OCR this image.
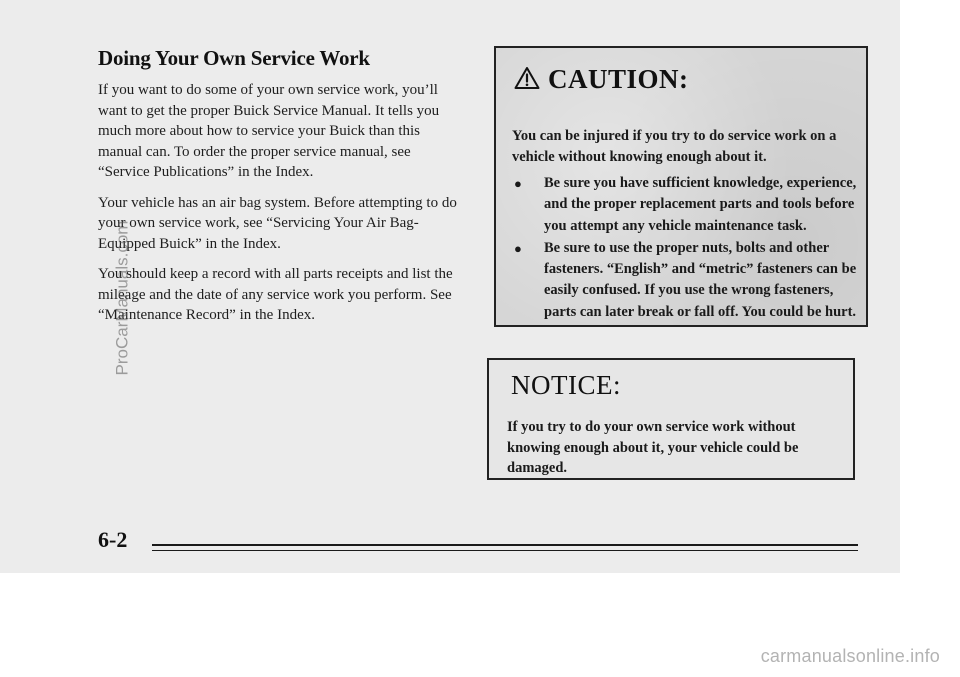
Doing Your Own Service Work

If you want to do some of your own service work, you’ll want to get the proper Buick Service Manual. It tells you much more about how to service your Buick than this manual can. To order the proper service manual, see “Service Publications” in the Index.

Your vehicle has an air bag system. Before attempting to do your own service work, see “Servicing Your Air Bag-Equipped Buick” in the Index.

You should keep a record with all parts receipts and list the mileage and the date of any service work you perform. See “Maintenance Record” in the Index.

CAUTION:

You can be injured if you try to do service work on a vehicle without knowing enough about it.

● Be sure you have sufficient knowledge, experience, and the proper replacement parts and tools before you attempt any vehicle maintenance task.
● Be sure to use the proper nuts, bolts and other fasteners. “English” and “metric” fasteners can be easily confused. If you use the wrong fasteners, parts can later break or fall off. You could be hurt.
NOTICE:

If you try to do your own service work without knowing enough about it, your vehicle could be damaged.

6-2
ProCarManuals.com
carmanualsonline.info
